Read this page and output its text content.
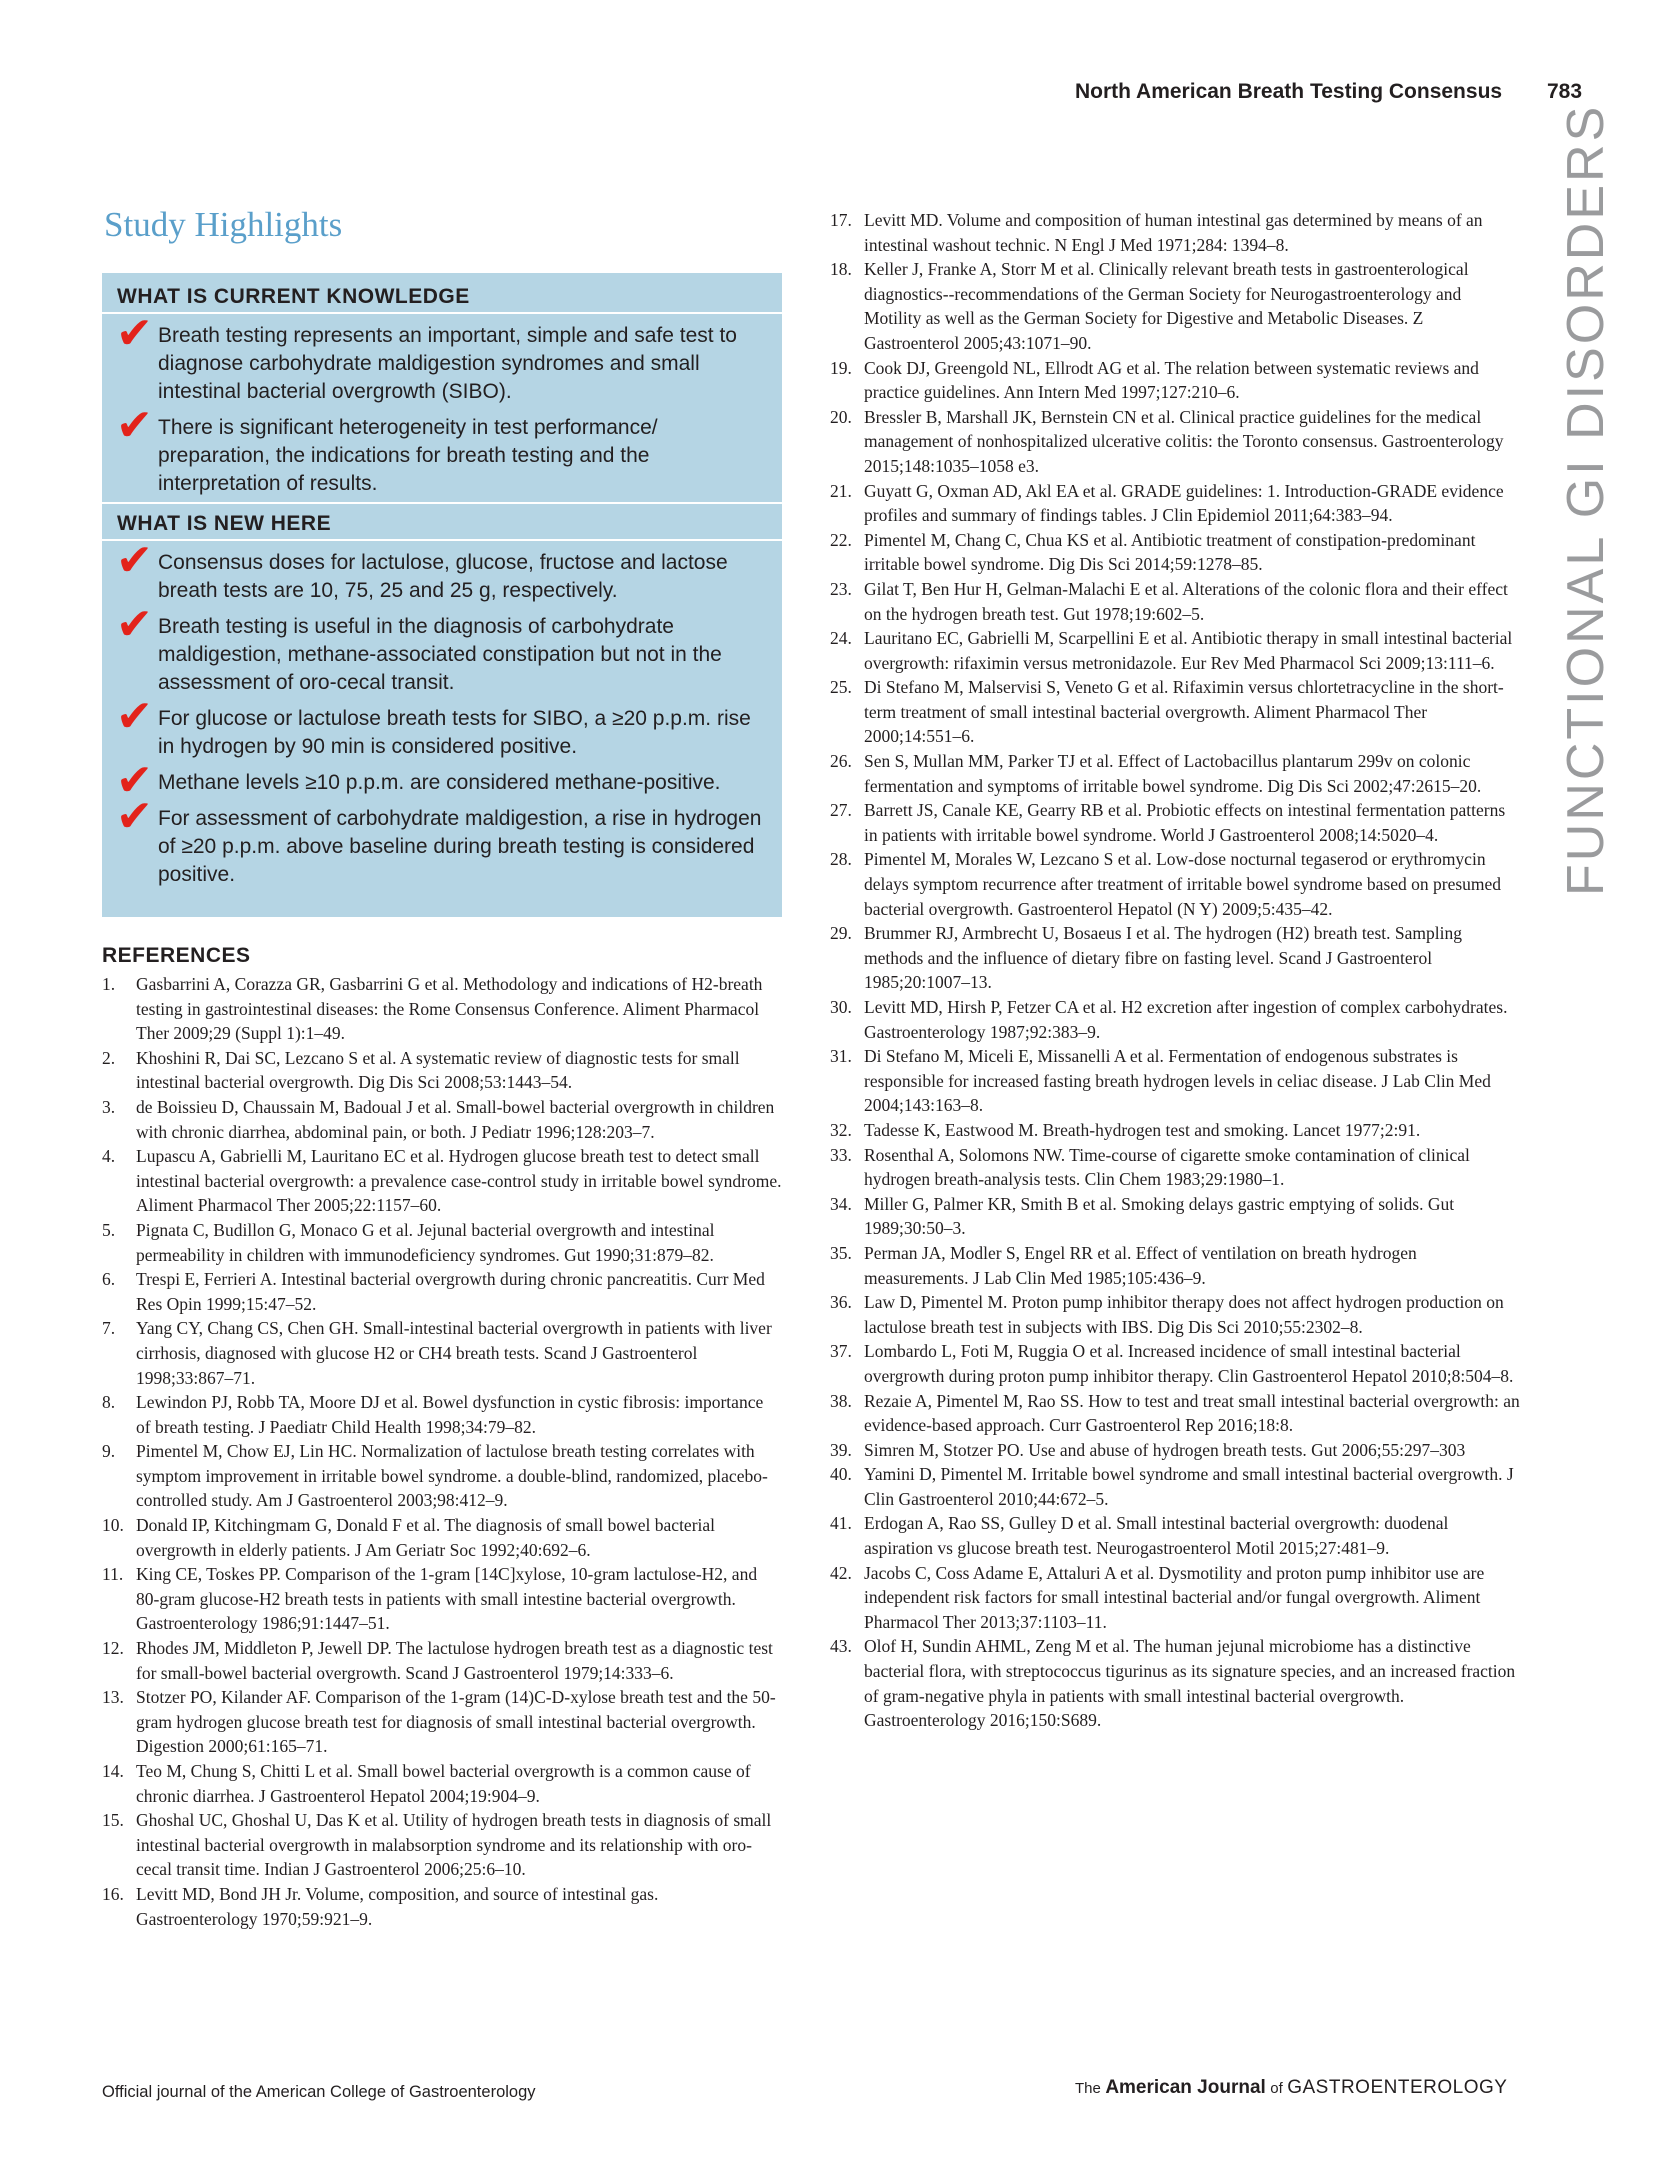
North American Breath Testing Consensus 783
FUNCTIONAL GI DISORDERS
Study Highlights
WHAT IS CURRENT KNOWLEDGE
✔ Breath testing represents an important, simple and safe test to diagnose carbohydrate maldigestion syndromes and small intestinal bacterial overgrowth (SIBO).
✔ There is significant heterogeneity in test performance/ preparation, the indications for breath testing and the interpretation of results.
WHAT IS NEW HERE
✔ Consensus doses for lactulose, glucose, fructose and lactose breath tests are 10, 75, 25 and 25 g, respectively.
✔ Breath testing is useful in the diagnosis of carbohydrate maldigestion, methane-associated constipation but not in the assessment of oro-cecal transit.
✔ For glucose or lactulose breath tests for SIBO, a ≥20 p.p.m. rise in hydrogen by 90 min is considered positive.
✔ Methane levels ≥10 p.p.m. are considered methane-positive.
✔ For assessment of carbohydrate maldigestion, a rise in hydrogen of ≥20 p.p.m. above baseline during breath testing is considered positive.
REFERENCES
1. Gasbarrini A, Corazza GR, Gasbarrini G et al. Methodology and indications of H2-breath testing in gastrointestinal diseases: the Rome Consensus Conference. Aliment Pharmacol Ther 2009;29 (Suppl 1):1–49.
2. Khoshini R, Dai SC, Lezcano S et al. A systematic review of diagnostic tests for small intestinal bacterial overgrowth. Dig Dis Sci 2008;53:1443–54.
3. de Boissieu D, Chaussain M, Badoual J et al. Small-bowel bacterial overgrowth in children with chronic diarrhea, abdominal pain, or both. J Pediatr 1996;128:203–7.
4. Lupascu A, Gabrielli M, Lauritano EC et al. Hydrogen glucose breath test to detect small intestinal bacterial overgrowth: a prevalence case-control study in irritable bowel syndrome. Aliment Pharmacol Ther 2005;22:1157–60.
5. Pignata C, Budillon G, Monaco G et al. Jejunal bacterial overgrowth and intestinal permeability in children with immunodeficiency syndromes. Gut 1990;31:879–82.
6. Trespi E, Ferrieri A. Intestinal bacterial overgrowth during chronic pancreatitis. Curr Med Res Opin 1999;15:47–52.
7. Yang CY, Chang CS, Chen GH. Small-intestinal bacterial overgrowth in patients with liver cirrhosis, diagnosed with glucose H2 or CH4 breath tests. Scand J Gastroenterol 1998;33:867–71.
8. Lewindon PJ, Robb TA, Moore DJ et al. Bowel dysfunction in cystic fibrosis: importance of breath testing. J Paediatr Child Health 1998;34:79–82.
9. Pimentel M, Chow EJ, Lin HC. Normalization of lactulose breath testing correlates with symptom improvement in irritable bowel syndrome. a double-blind, randomized, placebo-controlled study. Am J Gastroenterol 2003;98:412–9.
10. Donald IP, Kitchingmam G, Donald F et al. The diagnosis of small bowel bacterial overgrowth in elderly patients. J Am Geriatr Soc 1992;40:692–6.
11. King CE, Toskes PP. Comparison of the 1-gram [14C]xylose, 10-gram lactulose-H2, and 80-gram glucose-H2 breath tests in patients with small intestine bacterial overgrowth. Gastroenterology 1986;91:1447–51.
12. Rhodes JM, Middleton P, Jewell DP. The lactulose hydrogen breath test as a diagnostic test for small-bowel bacterial overgrowth. Scand J Gastroenterol 1979;14:333–6.
13. Stotzer PO, Kilander AF. Comparison of the 1-gram (14)C-D-xylose breath test and the 50-gram hydrogen glucose breath test for diagnosis of small intestinal bacterial overgrowth. Digestion 2000;61:165–71.
14. Teo M, Chung S, Chitti L et al. Small bowel bacterial overgrowth is a common cause of chronic diarrhea. J Gastroenterol Hepatol 2004;19:904–9.
15. Ghoshal UC, Ghoshal U, Das K et al. Utility of hydrogen breath tests in diagnosis of small intestinal bacterial overgrowth in malabsorption syndrome and its relationship with oro-cecal transit time. Indian J Gastroenterol 2006;25:6–10.
16. Levitt MD, Bond JH Jr. Volume, composition, and source of intestinal gas. Gastroenterology 1970;59:921–9.
17. Levitt MD. Volume and composition of human intestinal gas determined by means of an intestinal washout technic. N Engl J Med 1971;284: 1394–8.
18. Keller J, Franke A, Storr M et al. Clinically relevant breath tests in gastroenterological diagnostics--recommendations of the German Society for Neurogastroenterology and Motility as well as the German Society for Digestive and Metabolic Diseases. Z Gastroenterol 2005;43:1071–90.
19. Cook DJ, Greengold NL, Ellrodt AG et al. The relation between systematic reviews and practice guidelines. Ann Intern Med 1997;127:210–6.
20. Bressler B, Marshall JK, Bernstein CN et al. Clinical practice guidelines for the medical management of nonhospitalized ulcerative colitis: the Toronto consensus. Gastroenterology 2015;148:1035–1058 e3.
21. Guyatt G, Oxman AD, Akl EA et al. GRADE guidelines: 1. Introduction-GRADE evidence profiles and summary of findings tables. J Clin Epidemiol 2011;64:383–94.
22. Pimentel M, Chang C, Chua KS et al. Antibiotic treatment of constipation-predominant irritable bowel syndrome. Dig Dis Sci 2014;59:1278–85.
23. Gilat T, Ben Hur H, Gelman-Malachi E et al. Alterations of the colonic flora and their effect on the hydrogen breath test. Gut 1978;19:602–5.
24. Lauritano EC, Gabrielli M, Scarpellini E et al. Antibiotic therapy in small intestinal bacterial overgrowth: rifaximin versus metronidazole. Eur Rev Med Pharmacol Sci 2009;13:111–6.
25. Di Stefano M, Malservisi S, Veneto G et al. Rifaximin versus chlortetracycline in the short-term treatment of small intestinal bacterial overgrowth. Aliment Pharmacol Ther 2000;14:551–6.
26. Sen S, Mullan MM, Parker TJ et al. Effect of Lactobacillus plantarum 299v on colonic fermentation and symptoms of irritable bowel syndrome. Dig Dis Sci 2002;47:2615–20.
27. Barrett JS, Canale KE, Gearry RB et al. Probiotic effects on intestinal fermentation patterns in patients with irritable bowel syndrome. World J Gastroenterol 2008;14:5020–4.
28. Pimentel M, Morales W, Lezcano S et al. Low-dose nocturnal tegaserod or erythromycin delays symptom recurrence after treatment of irritable bowel syndrome based on presumed bacterial overgrowth. Gastroenterol Hepatol (N Y) 2009;5:435–42.
29. Brummer RJ, Armbrecht U, Bosaeus I et al. The hydrogen (H2) breath test. Sampling methods and the influence of dietary fibre on fasting level. Scand J Gastroenterol 1985;20:1007–13.
30. Levitt MD, Hirsh P, Fetzer CA et al. H2 excretion after ingestion of complex carbohydrates. Gastroenterology 1987;92:383–9.
31. Di Stefano M, Miceli E, Missanelli A et al. Fermentation of endogenous substrates is responsible for increased fasting breath hydrogen levels in celiac disease. J Lab Clin Med 2004;143:163–8.
32. Tadesse K, Eastwood M. Breath-hydrogen test and smoking. Lancet 1977;2:91.
33. Rosenthal A, Solomons NW. Time-course of cigarette smoke contamination of clinical hydrogen breath-analysis tests. Clin Chem 1983;29:1980–1.
34. Miller G, Palmer KR, Smith B et al. Smoking delays gastric emptying of solids. Gut 1989;30:50–3.
35. Perman JA, Modler S, Engel RR et al. Effect of ventilation on breath hydrogen measurements. J Lab Clin Med 1985;105:436–9.
36. Law D, Pimentel M. Proton pump inhibitor therapy does not affect hydrogen production on lactulose breath test in subjects with IBS. Dig Dis Sci 2010;55:2302–8.
37. Lombardo L, Foti M, Ruggia O et al. Increased incidence of small intestinal bacterial overgrowth during proton pump inhibitor therapy. Clin Gastroenterol Hepatol 2010;8:504–8.
38. Rezaie A, Pimentel M, Rao SS. How to test and treat small intestinal bacterial overgrowth: an evidence-based approach. Curr Gastroenterol Rep 2016;18:8.
39. Simren M, Stotzer PO. Use and abuse of hydrogen breath tests. Gut 2006;55:297–303
40. Yamini D, Pimentel M. Irritable bowel syndrome and small intestinal bacterial overgrowth. J Clin Gastroenterol 2010;44:672–5.
41. Erdogan A, Rao SS, Gulley D et al. Small intestinal bacterial overgrowth: duodenal aspiration vs glucose breath test. Neurogastroenterol Motil 2015;27:481–9.
42. Jacobs C, Coss Adame E, Attaluri A et al. Dysmotility and proton pump inhibitor use are independent risk factors for small intestinal bacterial and/or fungal overgrowth. Aliment Pharmacol Ther 2013;37:1103–11.
43. Olof H, Sundin AHML, Zeng M et al. The human jejunal microbiome has a distinctive bacterial flora, with streptococcus tigurinus as its signature species, and an increased fraction of gram-negative phyla in patients with small intestinal bacterial overgrowth. Gastroenterology 2016;150:S689.
Official journal of the American College of Gastroenterology	The American Journal of GASTROENTEROLOGY
